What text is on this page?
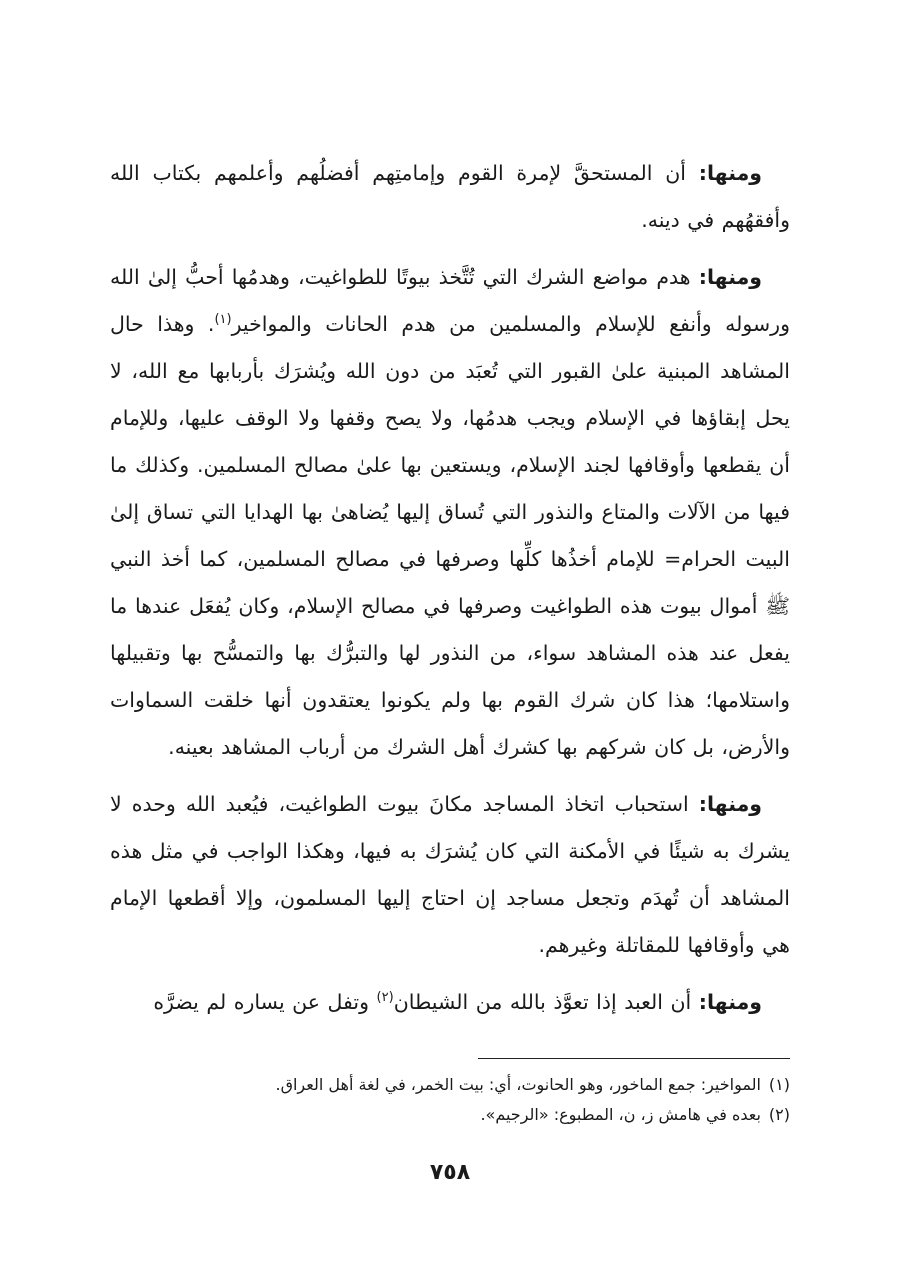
ومنها: أن المستحقَّ لإمرة القوم وإمامتِهم أفضلُهم وأعلمهم بكتاب الله وأفقهُهم في دينه.

ومنها: هدم مواضع الشرك التي تُتَّخذ بيوتًا للطواغيت، وهدمُها أحبُّ إلىٰ الله ورسوله وأنفع للإسلام والمسلمين من هدم الحانات والمواخير$^{(١)}$. وهذا حال المشاهد المبنية علىٰ القبور التي تُعبَد من دون الله ويُشرَك بأربابها مع الله، لا يحل إبقاؤها في الإسلام ويجب هدمُها، ولا يصح وقفها ولا الوقف عليها، وللإمام أن يقطعها وأوقافها لجند الإسلام، ويستعين بها علىٰ مصالح المسلمين. وكذلك ما فيها من الآلات والمتاع والنذور التي تُساق إليها يُضاهىٰ بها الهدايا التي تساق إلىٰ البيت الحرام= للإمام أخذُها كلِّها وصرفها في مصالح المسلمين، كما أخذ النبي ﷺ أموال بيوت هذه الطواغيت وصرفها في مصالح الإسلام، وكان يُفعَل عندها ما يفعل عند هذه المشاهد سواء، من النذور لها والتبرُّك بها والتمسُّح بها وتقبيلها واستلامها؛ هذا كان شرك القوم بها ولم يكونوا يعتقدون أنها خلقت السماوات والأرض، بل كان شركهم بها كشرك أهل الشرك من أرباب المشاهد بعينه.

ومنها: استحباب اتخاذ المساجد مكانَ بيوت الطواغيت، فيُعبد الله وحده لا يشرك به شيئًا في الأمكنة التي كان يُشرَك به فيها، وهكذا الواجب في مثل هذه المشاهد أن تُهدَم وتجعل مساجد إن احتاج إليها المسلمون، وإلا أقطعها الإمام هي وأوقافها للمقاتلة وغيرهم.

ومنها: أن العبد إذا تعوَّذ بالله من الشيطان$^{(٢)}$ وتفل عن يساره لم يضرَّه

(١)المواخير: جمع الماخور، وهو الحانوت، أي: بيت الخمر، في لغة أهل العراق.

(٢)بعده في هامش ز، ن، المطبوع: «الرجيم».

٧٥٨
